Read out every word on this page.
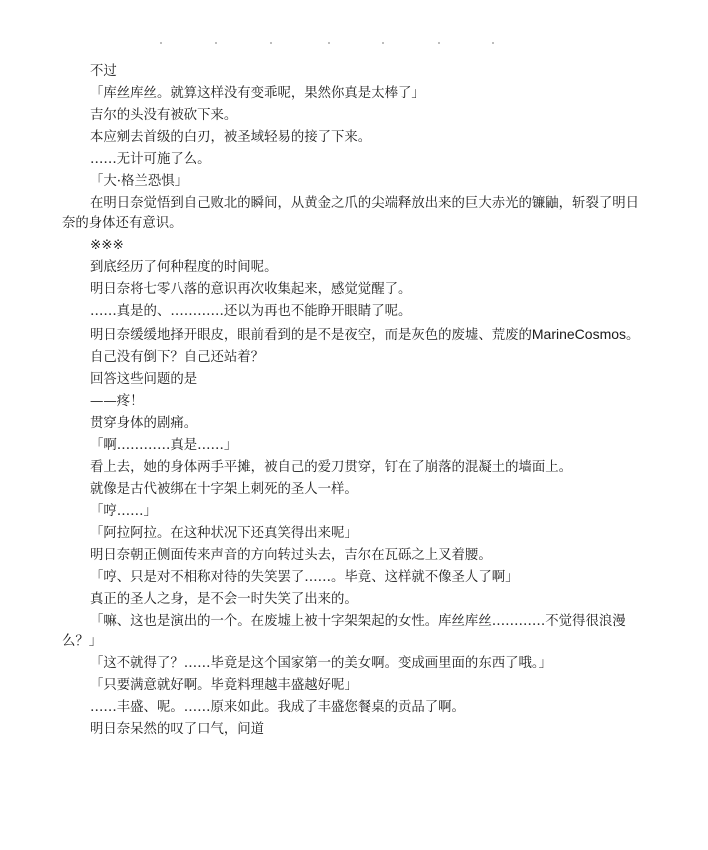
不过

「库丝库丝。就算这样没有变乖呢，果然你真是太棒了」

吉尔的头没有被砍下来。

本应剜去首级的白刃，被圣域轻易的接了下来。

……无计可施了么。

「大·格兰恐惧」

在明日奈觉悟到自己败北的瞬间，从黄金之爪的尖端释放出来的巨大赤光的镰鼬，斩裂了明日奈的身体还有意识。

※※※

到底经历了何种程度的时间呢。

明日奈将七零八落的意识再次收集起来，感觉觉醒了。

……真是的、…………还以为再也不能睁开眼睛了呢。

明日奈缓缓地择开眼皮，眼前看到的是不是夜空，而是灰色的废墟、荒废的MarineCosmos。

自己没有倒下？自己还站着？

回答这些问题的是

——疼！

贯穿身体的剧痛。

「啊…………真是……」

看上去，她的身体两手平摊，被自己的爱刀贯穿，钉在了崩落的混凝土的墙面上。

就像是古代被绑在十字架上刺死的圣人一样。

「哼……」

「阿拉阿拉。在这种状况下还真笑得出来呢」

明日奈朝正侧面传来声音的方向转过头去，吉尔在瓦砾之上叉着腰。

「哼、只是对不相称对待的失笑罢了……。毕竟、这样就不像圣人了啊」

真正的圣人之身，是不会一时失笑了出来的。

「嘛、这也是演出的一个。在废墟上被十字架架起的女性。库丝库丝…………不觉得很浪漫么？」

「这不就得了？……毕竟是这个国家第一的美女啊。变成画里面的东西了哦。」

「只要满意就好啊。毕竟料理越丰盛越好呢」

……丰盛、呢。……原来如此。我成了丰盛您餐桌的贡品了啊。

明日奈呆然的叹了口气，问道
